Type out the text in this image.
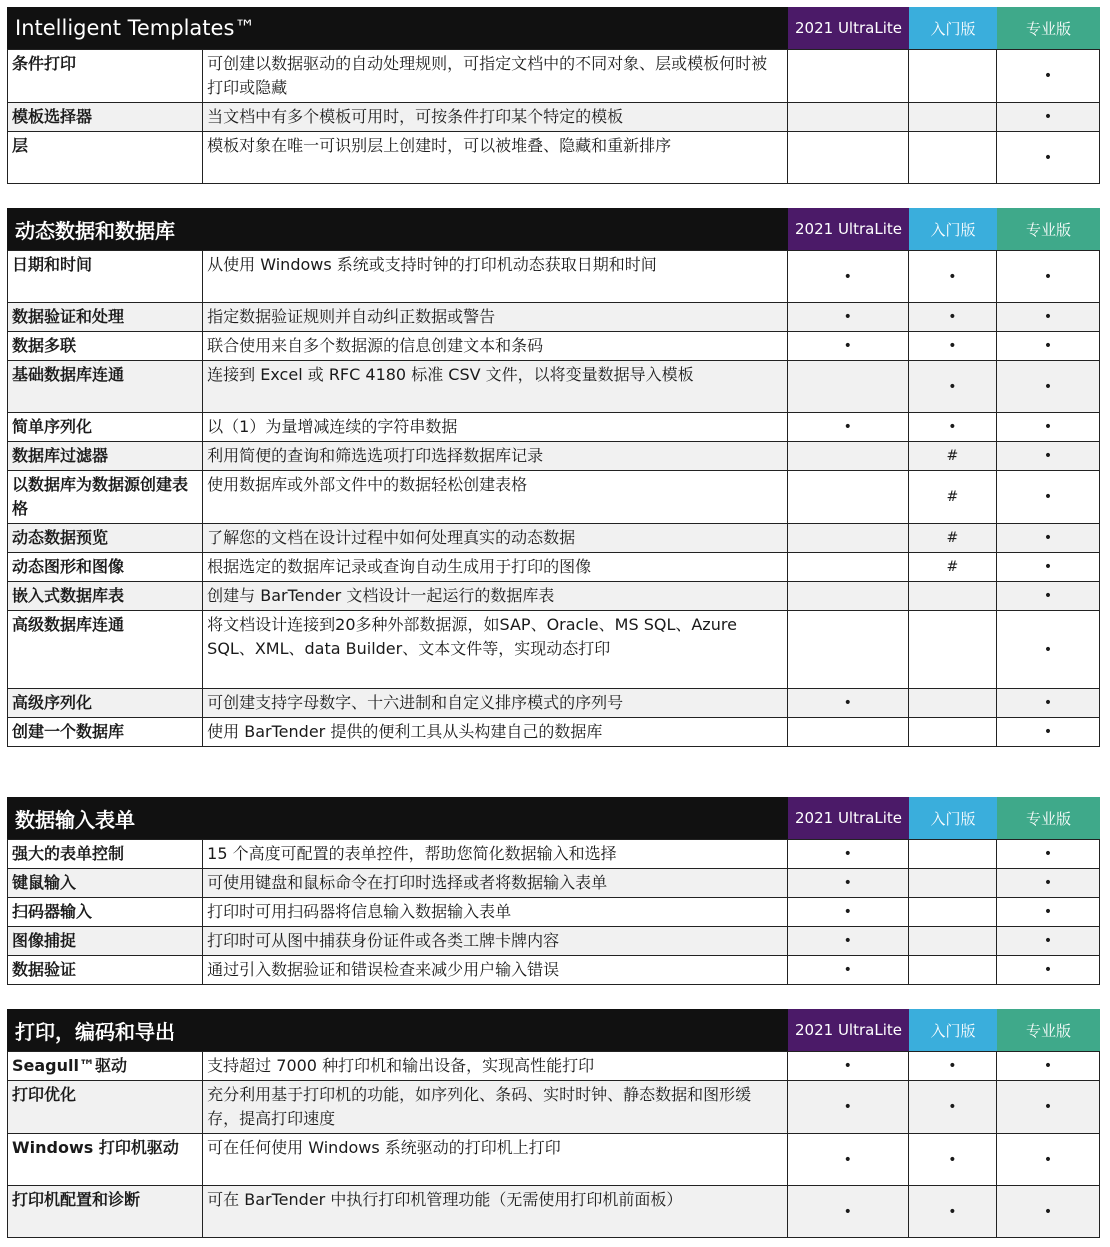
Intelligent Templates™	2021 UltraLite	入门版	专业版
条件打印	可创建以数据驱动的自动处理规则，可指定文档中的不同对象、层或模板何时被打印或隐藏			•
模板选择器	当文档中有多个模板可用时，可按条件打印某个特定的模板			•
层	模板对象在唯一可识别层上创建时，可以被堆叠、隐藏和重新排序			•
动态数据和数据库	2021 UltraLite	入门版	专业版
日期和时间	从使用 Windows 系统或支持时钟的打印机动态获取日期和时间	•	•	•
数据验证和处理	指定数据验证规则并自动纠正数据或警告	•	•	•
数据多联	联合使用来自多个数据源的信息创建文本和条码	•	•	•
基础数据库连通	连接到 Excel 或 RFC 4180 标准 CSV 文件，以将变量数据导入模板		•	•
简单序列化	以（1）为量增减连续的字符串数据	•	•	•
数据库过滤器	利用简便的查询和筛选选项打印选择数据库记录		#	•
以数据库为数据源创建表格	使用数据库或外部文件中的数据轻松创建表格		#	•
动态数据预览	了解您的文档在设计过程中如何处理真实的动态数据		#	•
动态图形和图像	根据选定的数据库记录或查询自动生成用于打印的图像		#	•
嵌入式数据库表	创建与 BarTender 文档设计一起运行的数据库表			•
高级数据库连通	将文档设计连接到20多种外部数据源，如SAP、Oracle、MS SQL、Azure SQL、XML、data Builder、文本文件等，实现动态打印			•
高级序列化	可创建支持字母数字、十六进制和自定义排序模式的序列号	•		•
创建一个数据库	使用 BarTender 提供的便利工具从头构建自己的数据库			•
数据输入表单	2021 UltraLite	入门版	专业版
强大的表单控制	15 个高度可配置的表单控件，帮助您简化数据输入和选择	•		•
键鼠输入	可使用键盘和鼠标命令在打印时选择或者将数据输入表单	•		•
扫码器输入	打印时可用扫码器将信息输入数据输入表单	•		•
图像捕捉	打印时可从图中捕获身份证件或各类工牌卡牌内容	•		•
数据验证	通过引入数据验证和错误检查来减少用户输入错误	•		•
打印，编码和导出	2021 UltraLite	入门版	专业版
Seagull™驱动	支持超过 7000 种打印机和输出设备，实现高性能打印	•	•	•
打印优化	充分利用基于打印机的功能，如序列化、条码、实时时钟、静态数据和图形缓存，提高打印速度	•	•	•
Windows 打印机驱动	可在任何使用 Windows 系统驱动的打印机上打印	•	•	•
打印机配置和诊断	可在 BarTender 中执行打印机管理功能（无需使用打印机前面板）	•	•	•
